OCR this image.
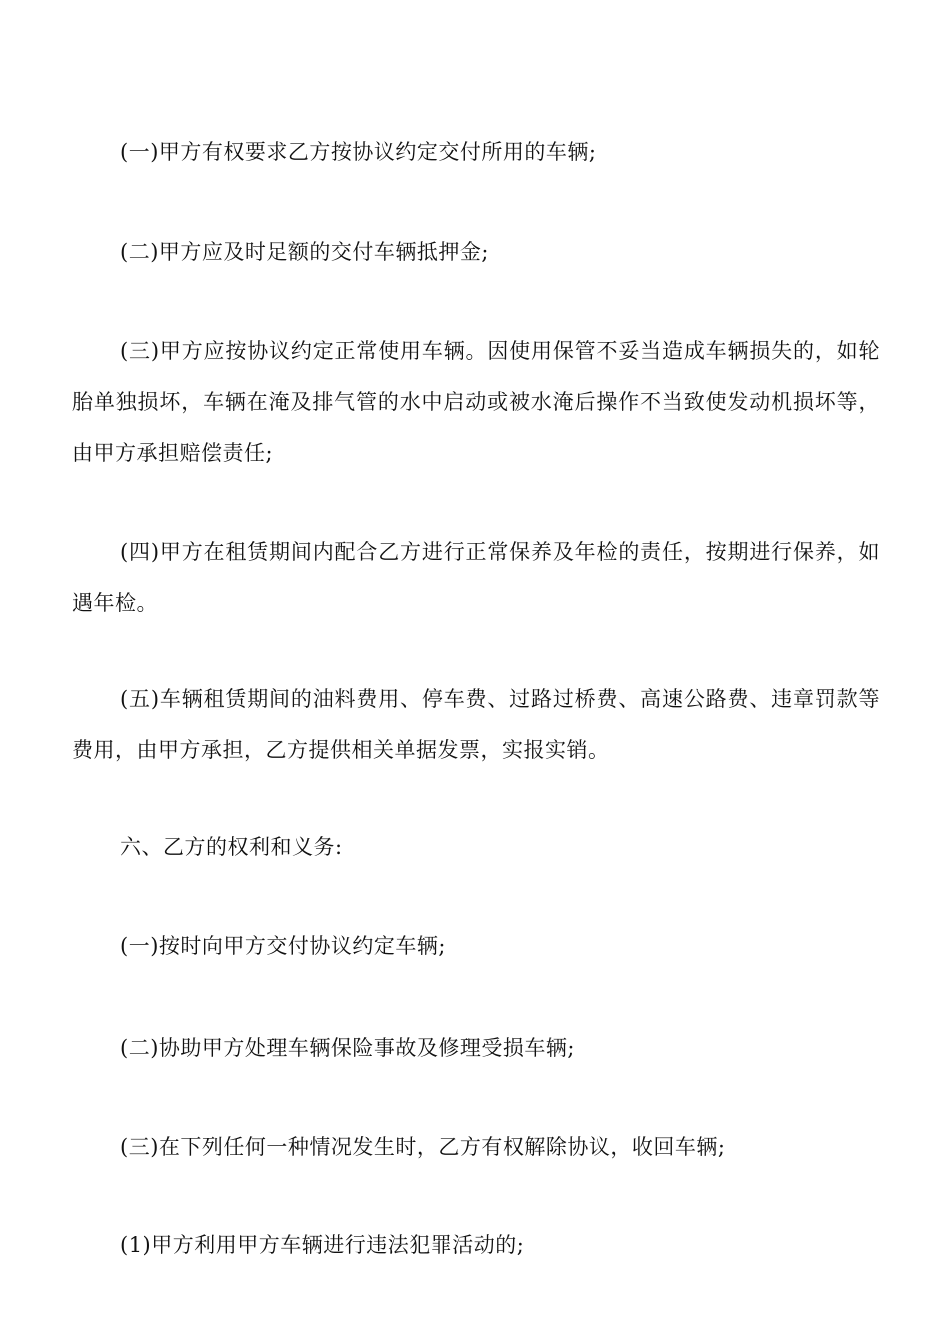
(一)甲方有权要求乙方按协议约定交付所用的车辆;

(二)甲方应及时足额的交付车辆抵押金;

(三)甲方应按协议约定正常使用车辆。因使用保管不妥当造成车辆损失的，如轮胎单独损坏，车辆在淹及排气管的水中启动或被水淹后操作不当致使发动机损坏等，由甲方承担赔偿责任;

(四)甲方在租赁期间内配合乙方进行正常保养及年检的责任，按期进行保养，如遇年检。

(五)车辆租赁期间的油料费用、停车费、过路过桥费、高速公路费、违章罚款等费用，由甲方承担，乙方提供相关单据发票，实报实销。

六、乙方的权利和义务:

(一)按时向甲方交付协议约定车辆;

(二)协助甲方处理车辆保险事故及修理受损车辆;

(三)在下列任何一种情况发生时，乙方有权解除协议，收回车辆;

(1)甲方利用甲方车辆进行违法犯罪活动的;
